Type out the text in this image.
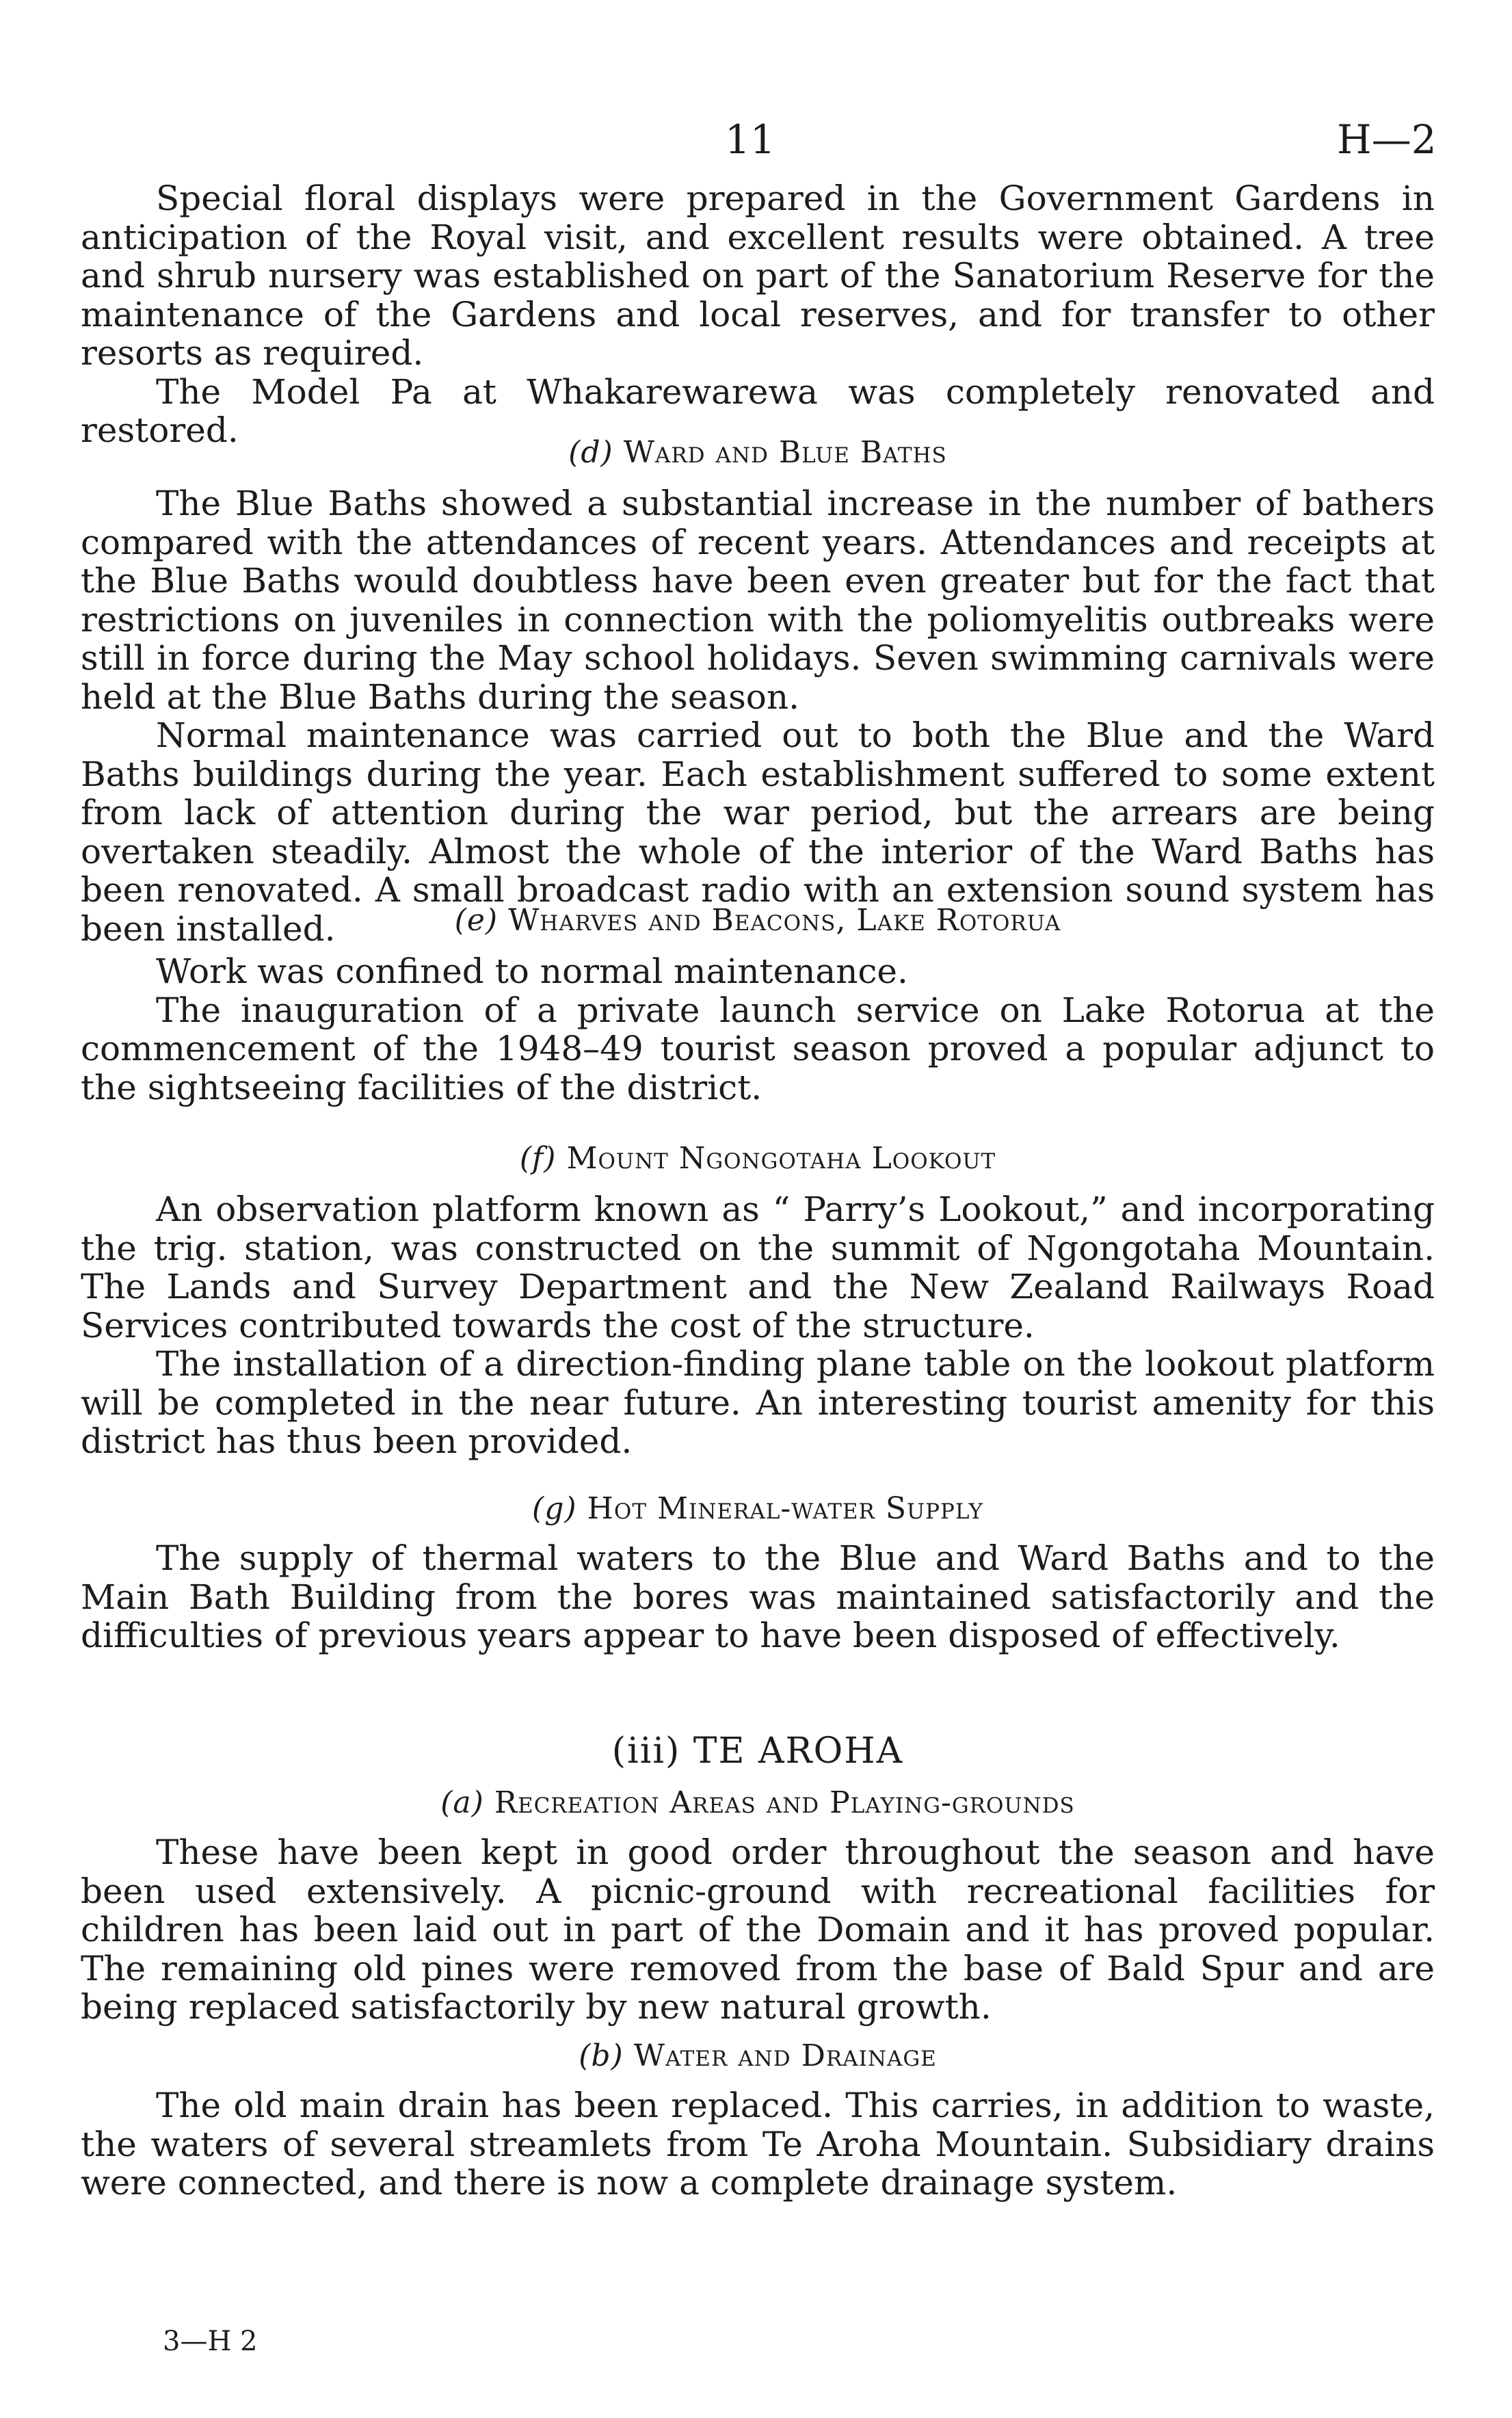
11	H—2

Special floral displays were prepared in the Government Gardens in anticipation of the Royal visit, and excellent results were obtained. A tree and shrub nursery was established on part of the Sanatorium Reserve for the maintenance of the Gardens and local reserves, and for transfer to other resorts as required.

The Model Pa at Whakarewarewa was completely renovated and restored.

(d) Ward and Blue Baths

The Blue Baths showed a substantial increase in the number of bathers compared with the attendances of recent years. Attendances and receipts at the Blue Baths would doubtless have been even greater but for the fact that restrictions on juveniles in connection with the poliomyelitis outbreaks were still in force during the May school holidays. Seven swimming carnivals were held at the Blue Baths during the season.

Normal maintenance was carried out to both the Blue and the Ward Baths buildings during the year. Each establishment suffered to some extent from lack of attention during the war period, but the arrears are being overtaken steadily. Almost the whole of the interior of the Ward Baths has been renovated. A small broadcast radio with an extension sound system has been installed.	(e) Wharves and Beacons, Lake Rotorua

Work was confined to normal maintenance.

The inauguration of a private launch service on Lake Rotorua at the commencement of the 1948–49 tourist season proved a popular adjunct to the sightseeing facilities of the district.

(f) Mount Ngongotaha Lookout

An observation platform known as “ Parry’s Lookout,” and incorporating the trig. station, was constructed on the summit of Ngongotaha Mountain. The Lands and Survey Department and the New Zealand Railways Road Services contributed towards the cost of the structure.

The installation of a direction-finding plane table on the lookout platform will be completed in the near future. An interesting tourist amenity for this district has thus been provided.

(g) Hot Mineral-water Supply

The supply of thermal waters to the Blue and Ward Baths and to the Main Bath Building from the bores was maintained satisfactorily and the difficulties of previous years appear to have been disposed of effectively.

(iii) TE AROHA
(a) Recreation Areas and Playing-grounds

These have been kept in good order throughout the season and have been used extensively. A picnic-ground with recreational facilities for children has been laid out in part of the Domain and it has proved popular. The remaining old pines were removed from the base of Bald Spur and are being replaced satisfactorily by new natural growth.

(b) Water and Drainage

The old main drain has been replaced. This carries, in addition to waste, the waters of several streamlets from Te Aroha Mountain. Subsidiary drains were connected, and there is now a complete drainage system.

3—H 2
